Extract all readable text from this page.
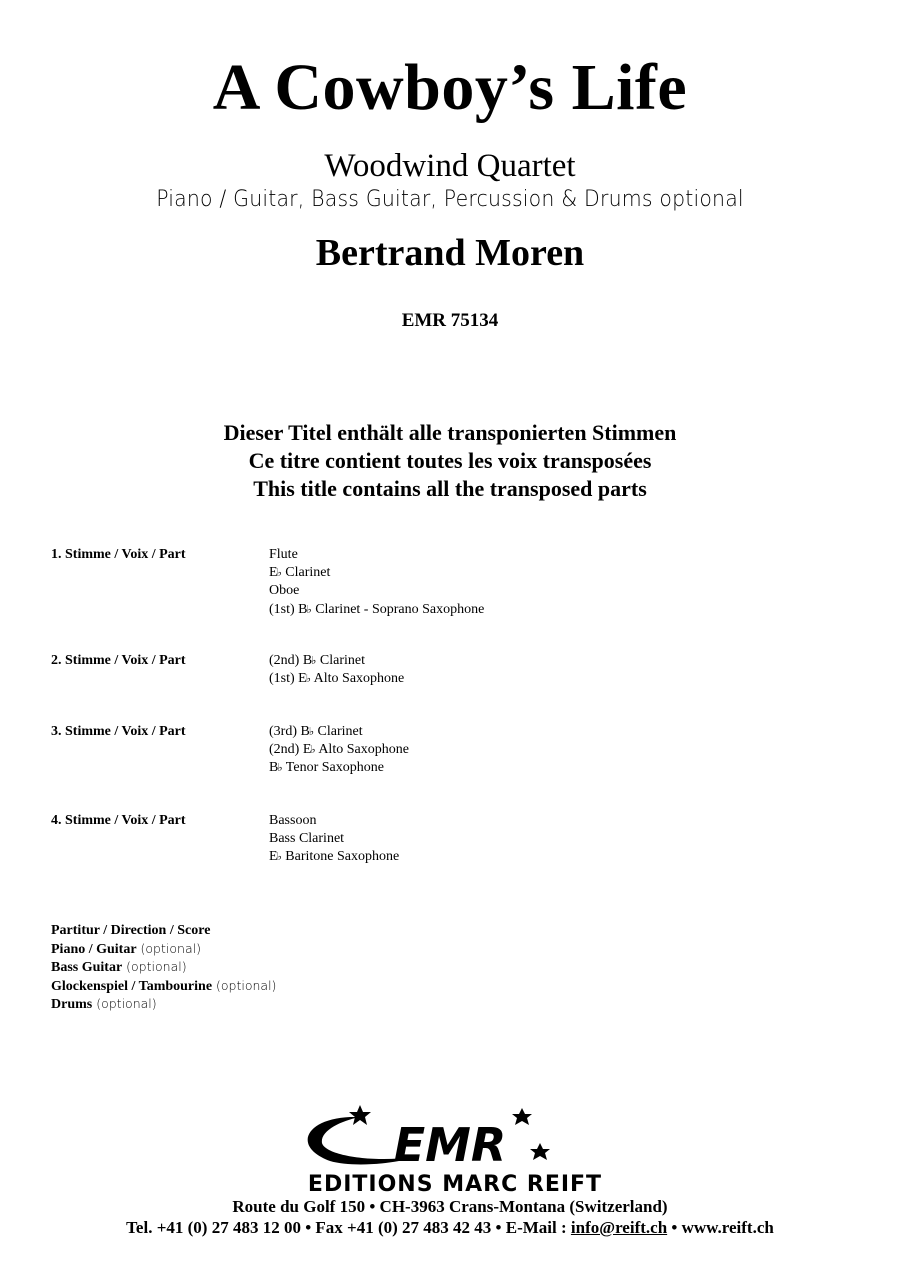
A Cowboy’s Life
Woodwind Quartet
Piano / Guitar, Bass Guitar, Percussion & Drums optional
Bertrand Moren
EMR 75134
Dieser Titel enthält alle transponierten Stimmen
Ce titre contient toutes les voix transposées
This title contains all the transposed parts
1. Stimme / Voix / Part	Flute
E♭ Clarinet
Oboe
(1st) B♭ Clarinet - Soprano Saxophone
2. Stimme / Voix / Part	(2nd) B♭ Clarinet
(1st) E♭ Alto Saxophone
3. Stimme / Voix / Part	(3rd) B♭ Clarinet
(2nd) E♭ Alto Saxophone
B♭ Tenor Saxophone
4. Stimme / Voix / Part	Bassoon
Bass Clarinet
E♭ Baritone Saxophone
Partitur / Direction / Score
Piano / Guitar (optional)
Bass Guitar (optional)
Glockenspiel / Tambourine (optional)
Drums (optional)
EMR
EDITIONS MARC REIFT
Route du Golf 150 • CH-3963 Crans-Montana (Switzerland)
Tel. +41 (0) 27 483 12 00 • Fax +41 (0) 27 483 42 43 • E-Mail : info@reift.ch • www.reift.ch
